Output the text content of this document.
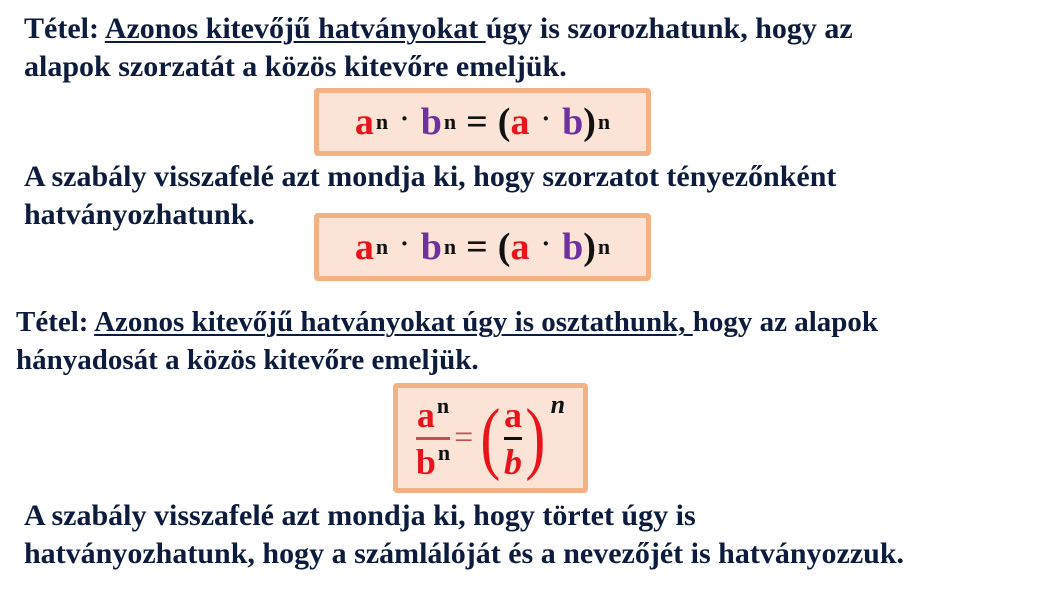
Tétel: Azonos kitevőjű hatványokat úgy is szorozhatunk, hogy az
alapok szorzatát a közös kitevőre emeljük.
a n · b n = ( a · b ) n
A szabály visszafelé azt mondja ki, hogy szorzatot tényezőnként
hatványozhatunk.
a n · b n = ( a · b ) n
Tétel: Azonos kitevőjű hatványokat úgy is osztathunk, hogy az alapok
hányadosát a közös kitevőre emeljük.
$\frac{a^n}{b^n}$ = ( $\frac{a}{b}$ ) n
A szabály visszafelé azt mondja ki, hogy törtet úgy is
hatványozhatunk, hogy a számlálóját és a nevezőjét is hatványozzuk.
